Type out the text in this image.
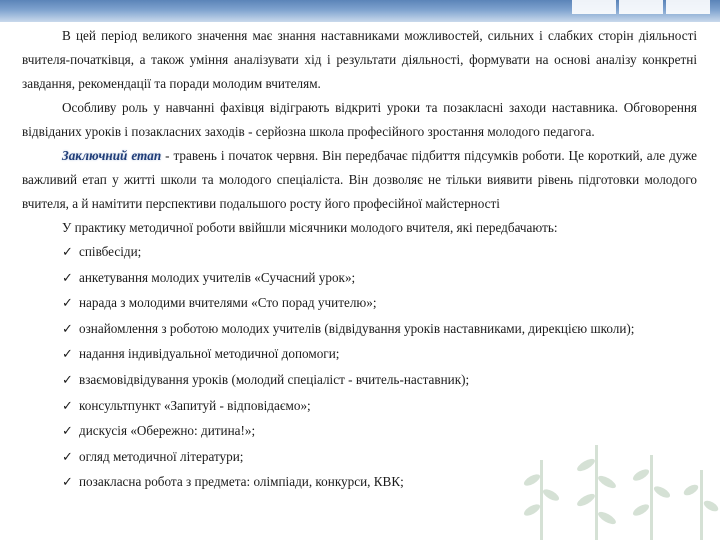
В цей період великого значення має знання наставниками можливостей, сильних і слабких сторін діяльності вчителя-початківця, а також уміння аналізувати хід і результати діяльності, формувати на основі аналізу конкретні завдання, рекомендації та поради молодим вчителям.

Особливу роль у навчанні фахівця відіграють відкриті уроки та позакласні заходи наставника. Обговорення відвіданих уроків і позакласних заходів - серйозна школа професійного зростання молодого педагога.

Заключний етап - травень і початок червня. Він передбачає підбиття підсумків роботи. Це короткий, але дуже важливий етап у житті школи та молодого спеціаліста. Він дозволяє не тільки виявити рівень підготовки молодого вчителя, а й намітити перспективи подальшого росту його професійної майстерності

У практику методичної роботи ввійшли місячники молодого вчителя, які передбачають:

✓ співбесіди;
✓ анкетування молодих учителів «Сучасний урок»;
✓ нарада з молодими вчителями «Сто порад учителю»;
✓ ознайомлення з роботою молодих учителів (відвідування уроків наставниками, дирекцією школи);
✓ надання індивідуальної методичної допомоги;
✓ взаємовідвідування уроків (молодий спеціаліст - вчитель-наставник);
✓ консультпункт «Запитуй - відповідаємо»;
✓ дискусія «Обережно: дитина!»;
✓ огляд методичної літератури;
✓ позакласна робота з предмета: олімпіади, конкурси, КВК;
